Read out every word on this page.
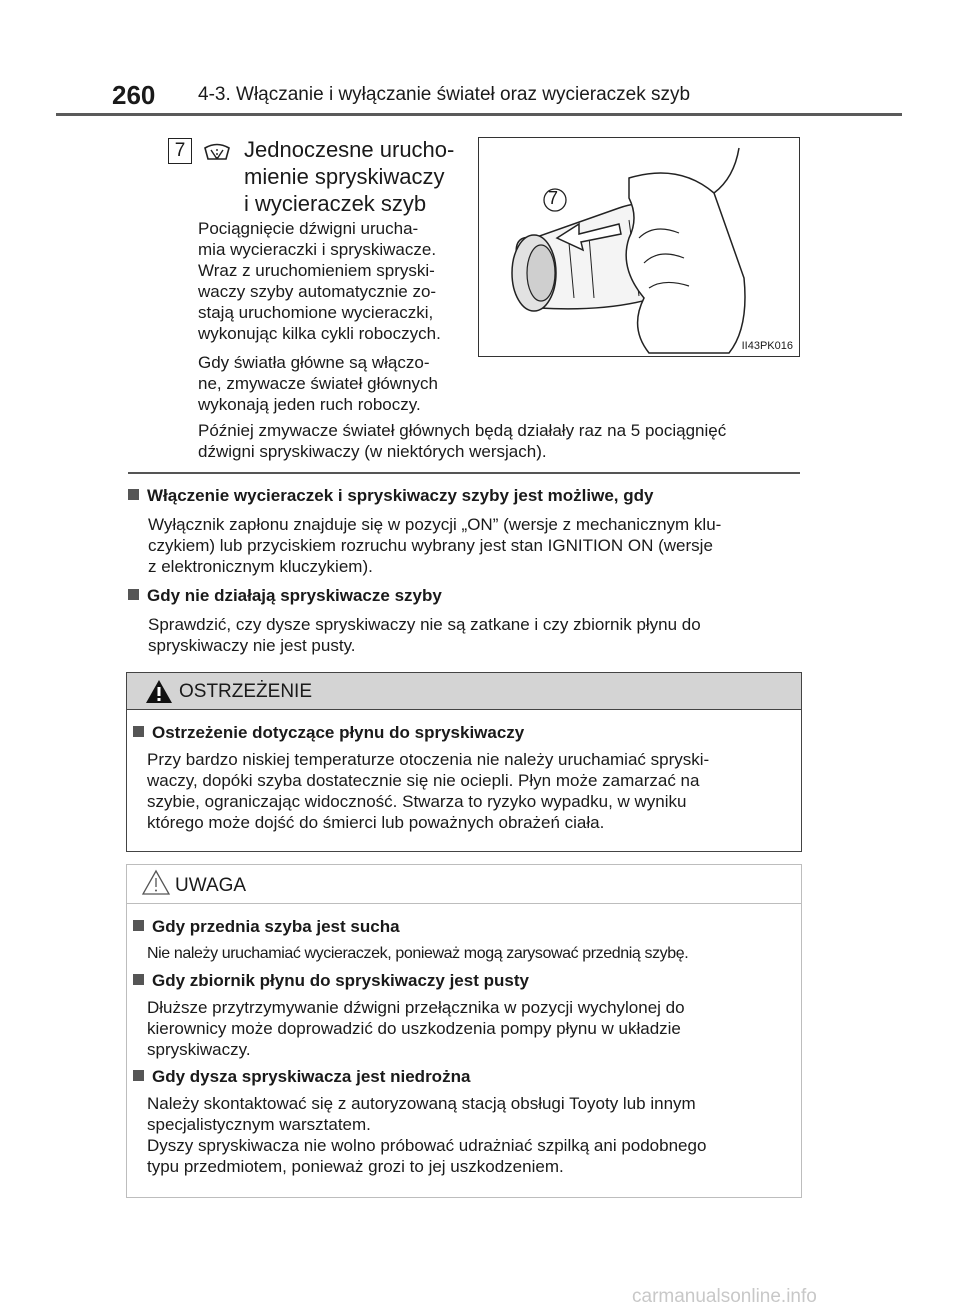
260 4-3. Włączanie i wyłączanie świateł oraz wycieraczek szyb
7	Jednoczesne urucho-
mienie spryskiwaczy
i wycieraczek szyb
Pociągnięcie dźwigni urucha-
mia wycieraczki i spryskiwacze.
Wraz z uruchomieniem spryski-
waczy szyby automatycznie zo-
stają uruchomione wycieraczki,
wykonując kilka cykli roboczych.
Gdy światła główne są włączo-
ne, zmywacze świateł głównych
wykonają jeden ruch roboczy.
Później zmywacze świateł głównych będą działały raz na 5 pociągnięć
dźwigni spryskiwaczy (w niektórych wersjach).
7
II43PK016
Włączenie wycieraczek i spryskiwaczy szyby jest możliwe, gdy
Wyłącznik zapłonu znajduje się w pozycji „ON” (wersje z mechanicznym klu-
czykiem) lub przyciskiem rozruchu wybrany jest stan IGNITION ON (wersje
z elektronicznym kluczykiem).
Gdy nie działają spryskiwacze szyby
Sprawdzić, czy dysze spryskiwaczy nie są zatkane i czy zbiornik płynu do
spryskiwaczy nie jest pusty.
OSTRZEŻENIE
Ostrzeżenie dotyczące płynu do spryskiwaczy
Przy bardzo niskiej temperaturze otoczenia nie należy uruchamiać spryski-
waczy, dopóki szyba dostatecznie się nie ociepli. Płyn może zamarzać na
szybie, ograniczając widoczność. Stwarza to ryzyko wypadku, w wyniku
którego może dojść do śmierci lub poważnych obrażeń ciała.
UWAGA
Gdy przednia szyba jest sucha
Nie należy uruchamiać wycieraczek, ponieważ mogą zarysować przednią szybę.
Gdy zbiornik płynu do spryskiwaczy jest pusty
Dłuższe przytrzymywanie dźwigni przełącznika w pozycji wychylonej do
kierownicy może doprowadzić do uszkodzenia pompy płynu w układzie
spryskiwaczy.
Gdy dysza spryskiwacza jest niedrożna
Należy skontaktować się z autoryzowaną stacją obsługi Toyoty lub innym
specjalistycznym warsztatem.
Dyszy spryskiwacza nie wolno próbować udrażniać szpilką ani podobnego
typu przedmiotem, ponieważ grozi to jej uszkodzeniem.
carmanualsonline.info
